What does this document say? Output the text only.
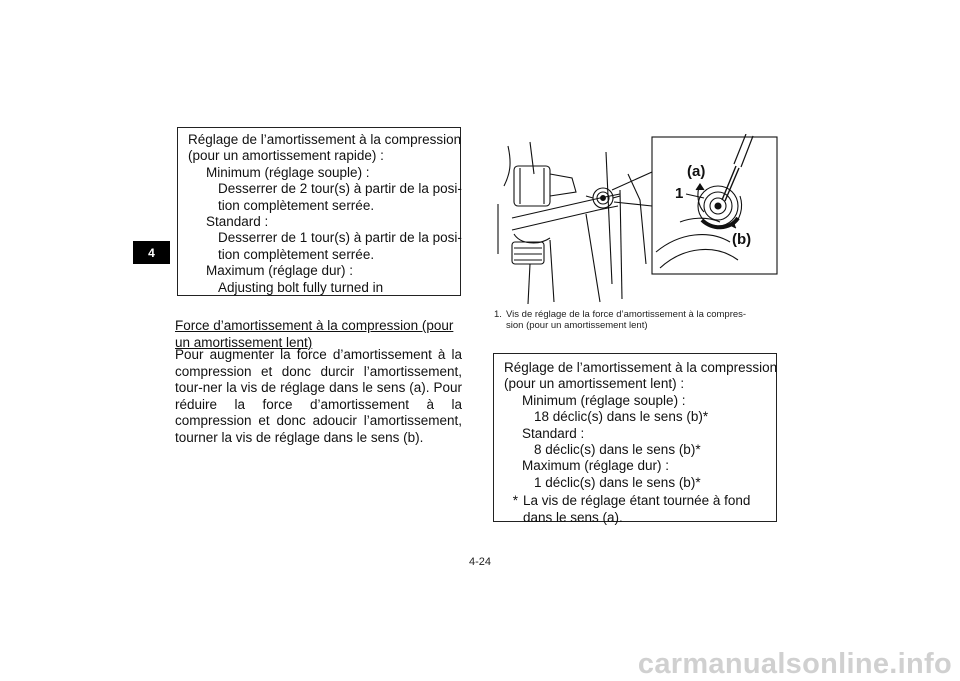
4
Réglage de l’amortissement à la compression
(pour un amortissement rapide) :
Minimum (réglage souple) :
Desserrer de 2 tour(s) à partir de la posi-
tion complètement serrée.
Standard :
Desserrer de 1 tour(s) à partir de la posi-
tion complètement serrée.
Maximum (réglage dur) :
Adjusting bolt fully turned in
Force d’amortissement à la compression (pour un amortissement lent)
Pour augmenter la force d’amortissement à la compression et donc durcir l’amortissement, tour-ner la vis de réglage dans le sens (a). Pour réduire la force d’amortissement à la compression et donc adoucir l’amortissement, tourner la vis de réglage dans le sens (b).
(a)
1
(b)
1. Vis de réglage de la force d’amortissement à la compres-
sion (pour un amortissement lent)
Réglage de l’amortissement à la compression
(pour un amortissement lent) :
Minimum (réglage souple) :
18 déclic(s) dans le sens (b)*
Standard :
8 déclic(s) dans le sens (b)*
Maximum (réglage dur) :
1 déclic(s) dans le sens (b)*
* La vis de réglage étant tournée à fond dans le sens (a).
4-24
carmanualsonline.info
